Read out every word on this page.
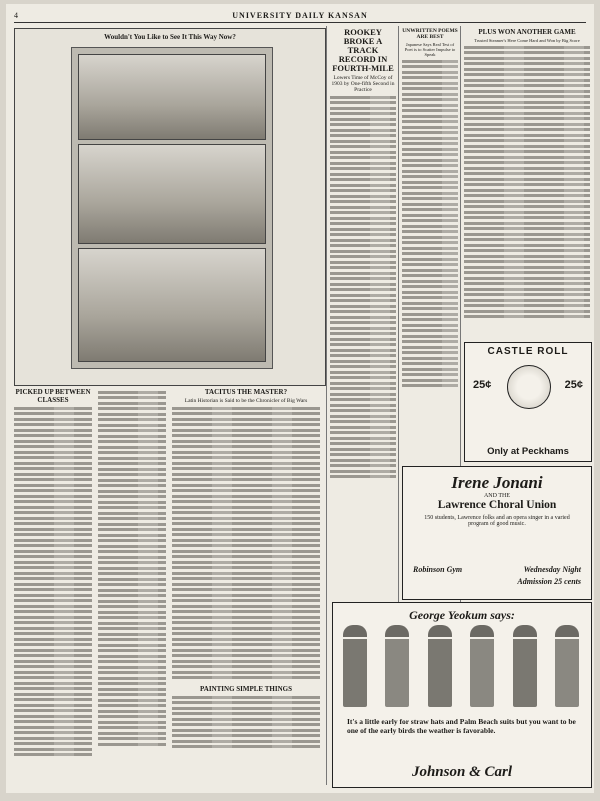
4	UNIVERSITY DAILY KANSAN
Wouldn't You Like to See It This Way Now?
PICKED UP BETWEEN CLASSES
TACITUS THE MASTER?
Latin Historian is Said to be the Chronicler of Big Wars
PAINTING SIMPLE THINGS
ROOKEY BROKE A TRACK RECORD IN FOURTH-MILE
Lowers Time of McCoy of 1903 by One-fifth Second in Practice
UNWRITTEN POEMS ARE BEST
Japanese Says Real Test of Poet is to Scatter Impulse to Speak
PLUS WON ANOTHER GAME
Trusted Steamer's Here Come Hard and Won by Big Score
CASTLE ROLL
25¢	25¢
Only at Peckhams
Irene Jonani
AND THE
Lawrence Choral Union
150 students, Lawrence folks and an opera singer in a varied program of good music.
Robinson Gym	Wednesday Night
Admission 25 cents
George Yeokum says:
It's a little early for straw hats and Palm Beach suits but you want to be one of the early birds the weather is favorable.
Johnson & Carl
